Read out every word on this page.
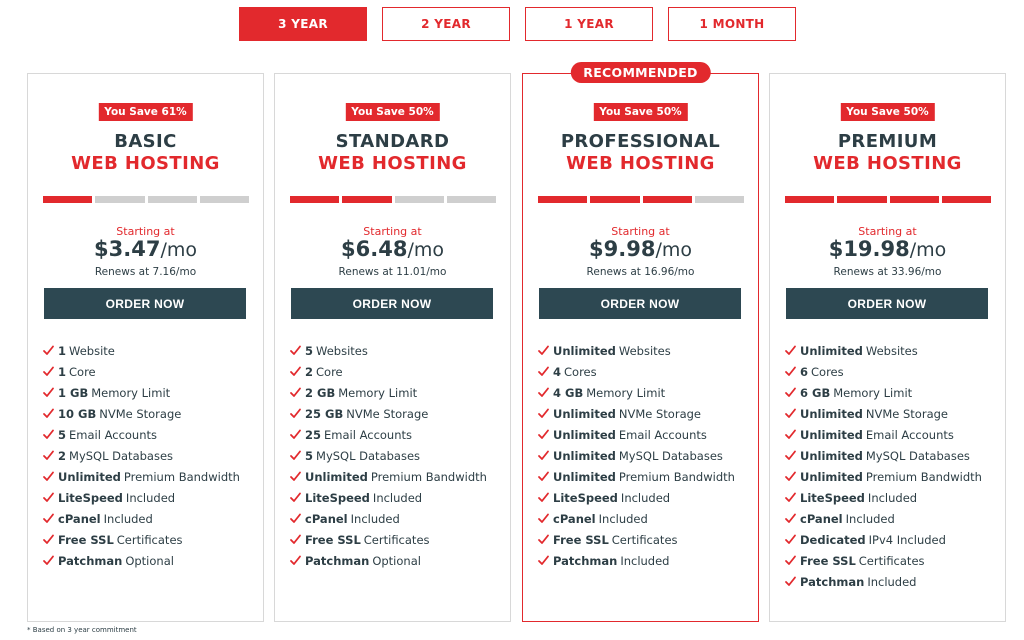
3 YEAR	2 YEAR	1 YEAR	1 MONTH
You Save 61%
BASIC
WEB HOSTING
Starting at
$3.47/mo
Renews at 7.16/mo
ORDER NOW
1 Website
1 Core
1 GB Memory Limit
10 GB NVMe Storage
5 Email Accounts
2 MySQL Databases
Unlimited Premium Bandwidth
LiteSpeed Included
cPanel Included
Free SSL Certificates
Patchman Optional
You Save 50%
STANDARD
WEB HOSTING
Starting at
$6.48/mo
Renews at 11.01/mo
ORDER NOW
5 Websites
2 Core
2 GB Memory Limit
25 GB NVMe Storage
25 Email Accounts
5 MySQL Databases
Unlimited Premium Bandwidth
LiteSpeed Included
cPanel Included
Free SSL Certificates
Patchman Optional
RECOMMENDED
You Save 50%
PROFESSIONAL
WEB HOSTING
Starting at
$9.98/mo
Renews at 16.96/mo
ORDER NOW
Unlimited Websites
4 Cores
4 GB Memory Limit
Unlimited NVMe Storage
Unlimited Email Accounts
Unlimited MySQL Databases
Unlimited Premium Bandwidth
LiteSpeed Included
cPanel Included
Free SSL Certificates
Patchman Included
You Save 50%
PREMIUM
WEB HOSTING
Starting at
$19.98/mo
Renews at 33.96/mo
ORDER NOW
Unlimited Websites
6 Cores
6 GB Memory Limit
Unlimited NVMe Storage
Unlimited Email Accounts
Unlimited MySQL Databases
Unlimited Premium Bandwidth
LiteSpeed Included
cPanel Included
Dedicated IPv4 Included
Free SSL Certificates
Patchman Included
* Based on 3 year commitment
